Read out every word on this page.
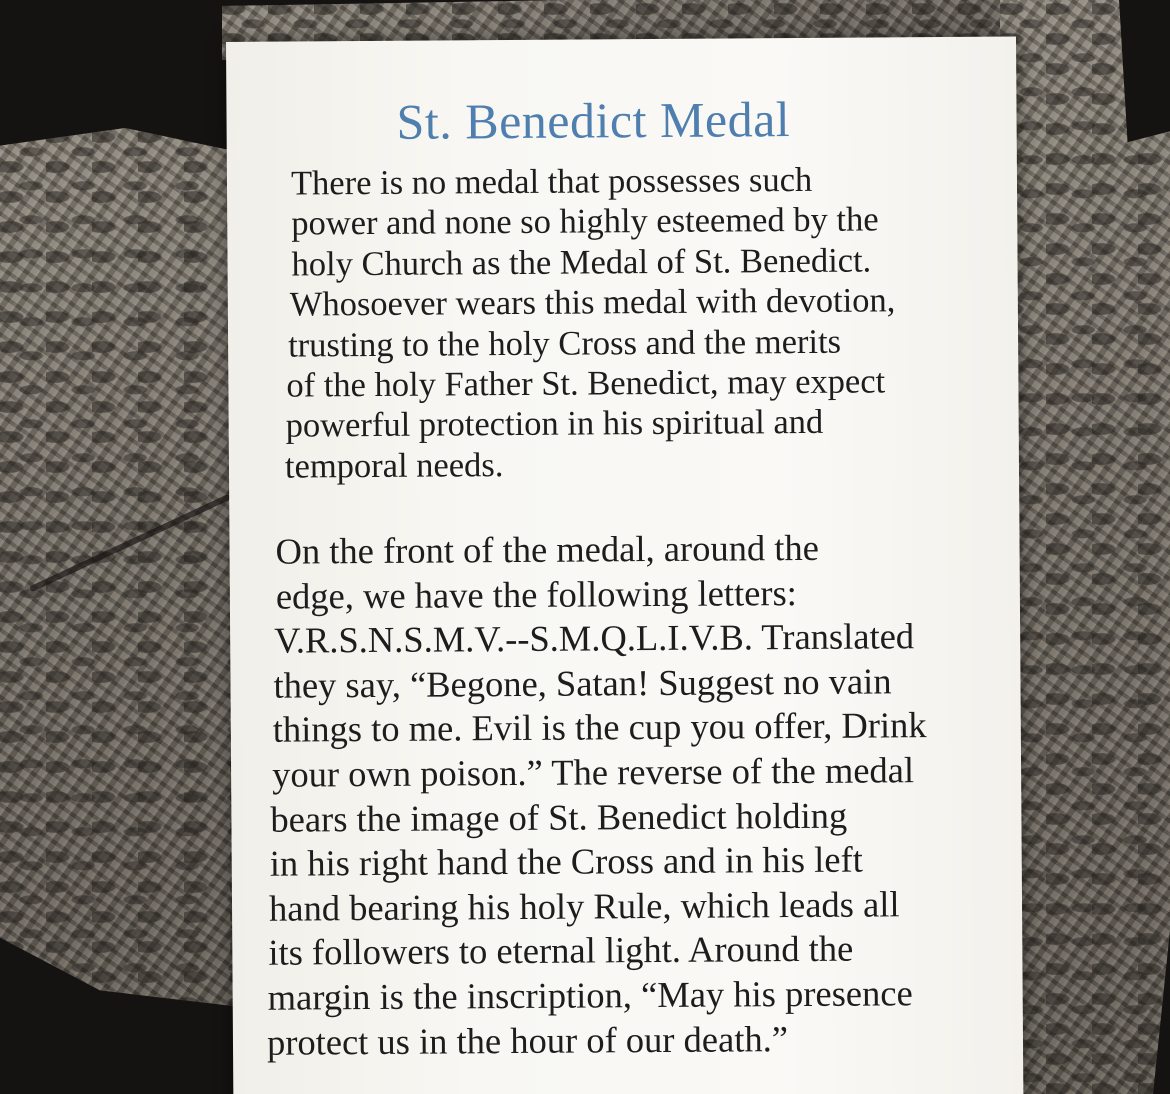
St. Benedict Medal
There is no medal that possesses such
power and none so highly esteemed by the
holy Church as the Medal of St. Benedict.
Whosoever wears this medal with devotion,
trusting to the holy Cross and the merits
of the holy Father St. Benedict, may expect
powerful protection in his spiritual and
temporal needs.
On the front of the medal, around the
edge, we have the following letters:
V.R.S.N.S.M.V.--S.M.Q.L.I.V.B. Translated
they say, “Begone, Satan! Suggest no vain
things to me. Evil is the cup you offer, Drink
your own poison.” The reverse of the medal
bears the image of St. Benedict holding
in his right hand the Cross and in his left
hand bearing his holy Rule, which leads all
its followers to eternal light. Around the
margin is the inscription, “May his presence
protect us in the hour of our death.”
